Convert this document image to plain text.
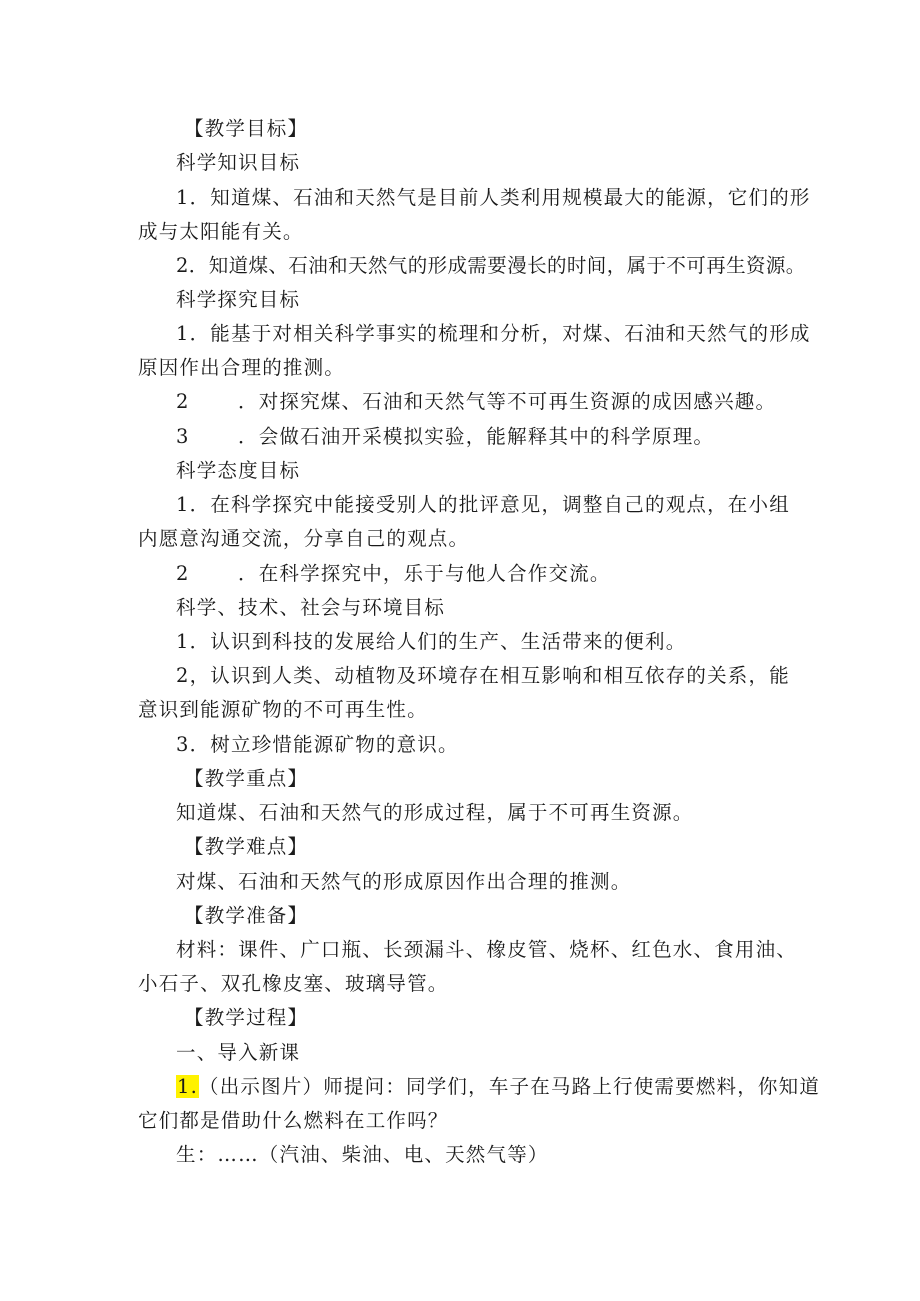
【教学目标】
科学知识目标
1．知道煤、石油和天然气是目前人类利用规模最大的能源，它们的形
成与太阳能有关。
2．知道煤、石油和天然气的形成需要漫长的时间，属于不可再生资源。
科学探究目标
1．能基于对相关科学事实的梳理和分析，对煤、石油和天然气的形成
原因作出合理的推测。
2 ．对探究煤、石油和天然气等不可再生资源的成因感兴趣。
3 ．会做石油开采模拟实验，能解释其中的科学原理。
科学态度目标
1．在科学探究中能接受别人的批评意见，调整自己的观点，在小组
内愿意沟通交流，分享自己的观点。
2 ．在科学探究中，乐于与他人合作交流。
科学、技术、社会与环境目标
1．认识到科技的发展给人们的生产、生活带来的便利。
2，认识到人类、动植物及环境存在相互影响和相互依存的关系，能
意识到能源矿物的不可再生性。
3．树立珍惜能源矿物的意识。
【教学重点】
知道煤、石油和天然气的形成过程，属于不可再生资源。
【教学难点】
对煤、石油和天然气的形成原因作出合理的推测。
【教学准备】
材料：课件、广口瓶、长颈漏斗、橡皮管、烧杯、红色水、食用油、
小石子、双孔橡皮塞、玻璃导管。
【教学过程】
一、导入新课
1.（出示图片）师提问：同学们，车子在马路上行使需要燃料，你知道
它们都是借助什么燃料在工作吗？
生：……（汽油、柴油、电、天然气等）
